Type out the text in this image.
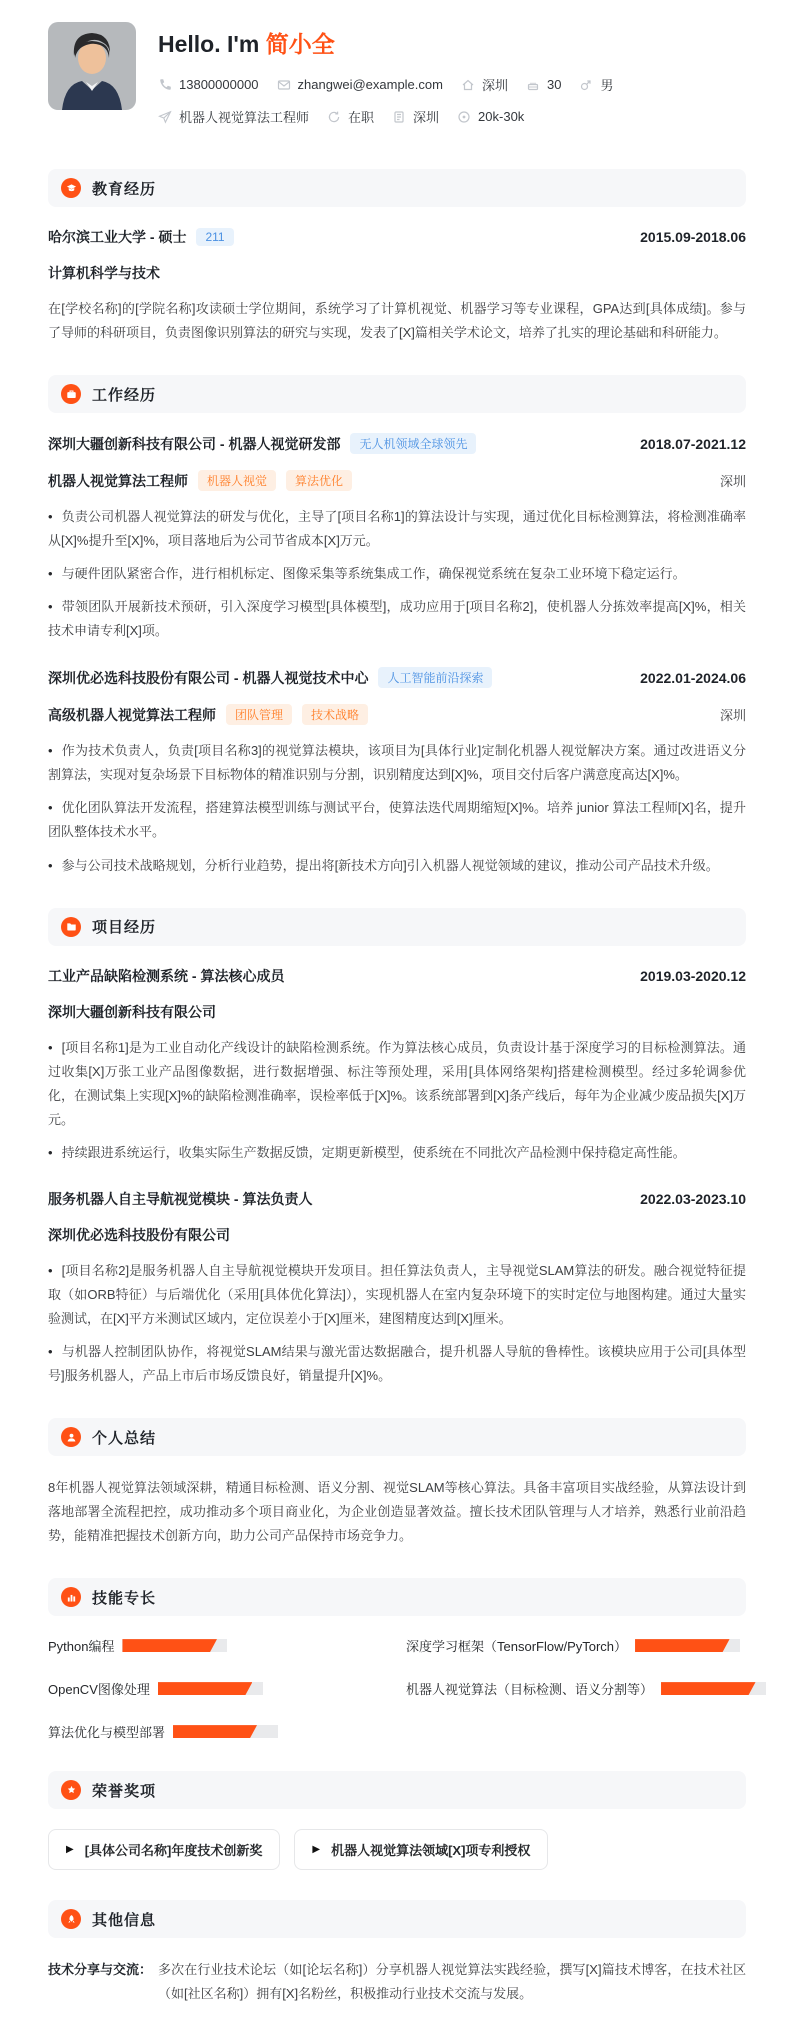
Hello. I'm 简小全
13800000000	zhangwei@example.com	深圳	30	男
机器人视觉算法工程师	在职	深圳	20k-30k
教育经历
哈尔滨工业大学 - 硕士	211	2015.09-2018.06
计算机科学与技术

在[学校名称]的[学院名称]攻读硕士学位期间，系统学习了计算机视觉、机器学习等专业课程，GPA达到[具体成绩]。参与了导师的科研项目，负责图像识别算法的研究与实现，发表了[X]篇相关学术论文，培养了扎实的理论基础和科研能力。

工作经历
深圳大疆创新科技有限公司 - 机器人视觉研发部	无人机领域全球领先	2018.07-2021.12
机器人视觉算法工程师	机器人视觉	算法优化	深圳

• 负责公司机器人视觉算法的研发与优化，主导了[项目名称1]的算法设计与实现，通过优化目标检测算法，将检测准确率从[X]%提升至[X]%，项目落地后为公司节省成本[X]万元。

• 与硬件团队紧密合作，进行相机标定、图像采集等系统集成工作，确保视觉系统在复杂工业环境下稳定运行。

• 带领团队开展新技术预研，引入深度学习模型[具体模型]，成功应用于[项目名称2]，使机器人分拣效率提高[X]%，相关技术申请专利[X]项。

深圳优必选科技股份有限公司 - 机器人视觉技术中心	人工智能前沿探索	2022.01-2024.06
高级机器人视觉算法工程师	团队管理	技术战略	深圳

• 作为技术负责人，负责[项目名称3]的视觉算法模块，该项目为[具体行业]定制化机器人视觉解决方案。通过改进语义分割算法，实现对复杂场景下目标物体的精准识别与分割，识别精度达到[X]%，项目交付后客户满意度高达[X]%。

• 优化团队算法开发流程，搭建算法模型训练与测试平台，使算法迭代周期缩短[X]%。培养 junior 算法工程师[X]名，提升团队整体技术水平。

• 参与公司技术战略规划，分析行业趋势，提出将[新技术方向]引入机器人视觉领域的建议，推动公司产品技术升级。

项目经历
工业产品缺陷检测系统 - 算法核心成员	2019.03-2020.12
深圳大疆创新科技有限公司

• [项目名称1]是为工业自动化产线设计的缺陷检测系统。作为算法核心成员，负责设计基于深度学习的目标检测算法。通过收集[X]万张工业产品图像数据，进行数据增强、标注等预处理，采用[具体网络架构]搭建检测模型。经过多轮调参优化，在测试集上实现[X]%的缺陷检测准确率，误检率低于[X]%。该系统部署到[X]条产线后，每年为企业减少废品损失[X]万元。

• 持续跟进系统运行，收集实际生产数据反馈，定期更新模型，使系统在不同批次产品检测中保持稳定高性能。

服务机器人自主导航视觉模块 - 算法负责人	2022.03-2023.10
深圳优必选科技股份有限公司

• [项目名称2]是服务机器人自主导航视觉模块开发项目。担任算法负责人，主导视觉SLAM算法的研发。融合视觉特征提取（如ORB特征）与后端优化（采用[具体优化算法]），实现机器人在室内复杂环境下的实时定位与地图构建。通过大量实验测试，在[X]平方米测试区域内，定位误差小于[X]厘米，建图精度达到[X]厘米。

• 与机器人控制团队协作，将视觉SLAM结果与激光雷达数据融合，提升机器人导航的鲁棒性。该模块应用于公司[具体型号]服务机器人，产品上市后市场反馈良好，销量提升[X]%。

个人总结

8年机器人视觉算法领域深耕，精通目标检测、语义分割、视觉SLAM等核心算法。具备丰富项目实战经验，从算法设计到落地部署全流程把控，成功推动多个项目商业化，为企业创造显著效益。擅长技术团队管理与人才培养，熟悉行业前沿趋势，能精准把握技术创新方向，助力公司产品保持市场竞争力。

技能专长
Python编程	深度学习框架（TensorFlow/PyTorch）
OpenCV图像处理	机器人视觉算法（目标检测、语义分割等）
算法优化与模型部署
荣誉奖项
▶ [具体公司名称]年度技术创新奖	▶ 机器人视觉算法领域[X]项专利授权
其他信息
技术分享与交流： 多次在行业技术论坛（如[论坛名称]）分享机器人视觉算法实践经验，撰写[X]篇技术博客，在技术社区（如[社区名称]）拥有[X]名粉丝，积极推动行业技术交流与发展。
